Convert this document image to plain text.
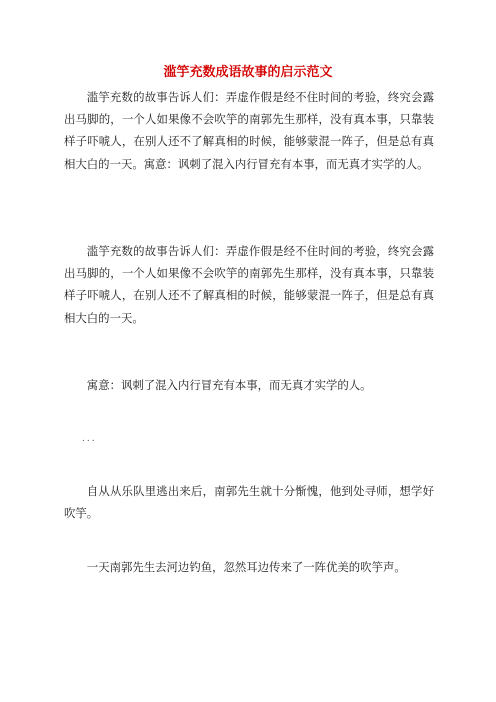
滥竽充数成语故事的启示范文

滥竽充数的故事告诉人们：弄虚作假是经不住时间的考验，终究会露出马脚的，一个人如果像不会吹竽的南郭先生那样，没有真本事，只靠装样子吓唬人，在别人还不了解真相的时候，能够蒙混一阵子，但是总有真相大白的一天。寓意：讽刺了混入内行冒充有本事，而无真才实学的人。

滥竽充数的故事告诉人们：弄虚作假是经不住时间的考验，终究会露出马脚的，一个人如果像不会吹竽的南郭先生那样，没有真本事，只靠装样子吓唬人，在别人还不了解真相的时候，能够蒙混一阵子，但是总有真相大白的一天。

寓意：讽刺了混入内行冒充有本事，而无真才实学的人。

...

自从从乐队里逃出来后，南郭先生就十分惭愧，他到处寻师，想学好吹竽。

一天南郭先生去河边钓鱼，忽然耳边传来了一阵优美的吹竽声。
